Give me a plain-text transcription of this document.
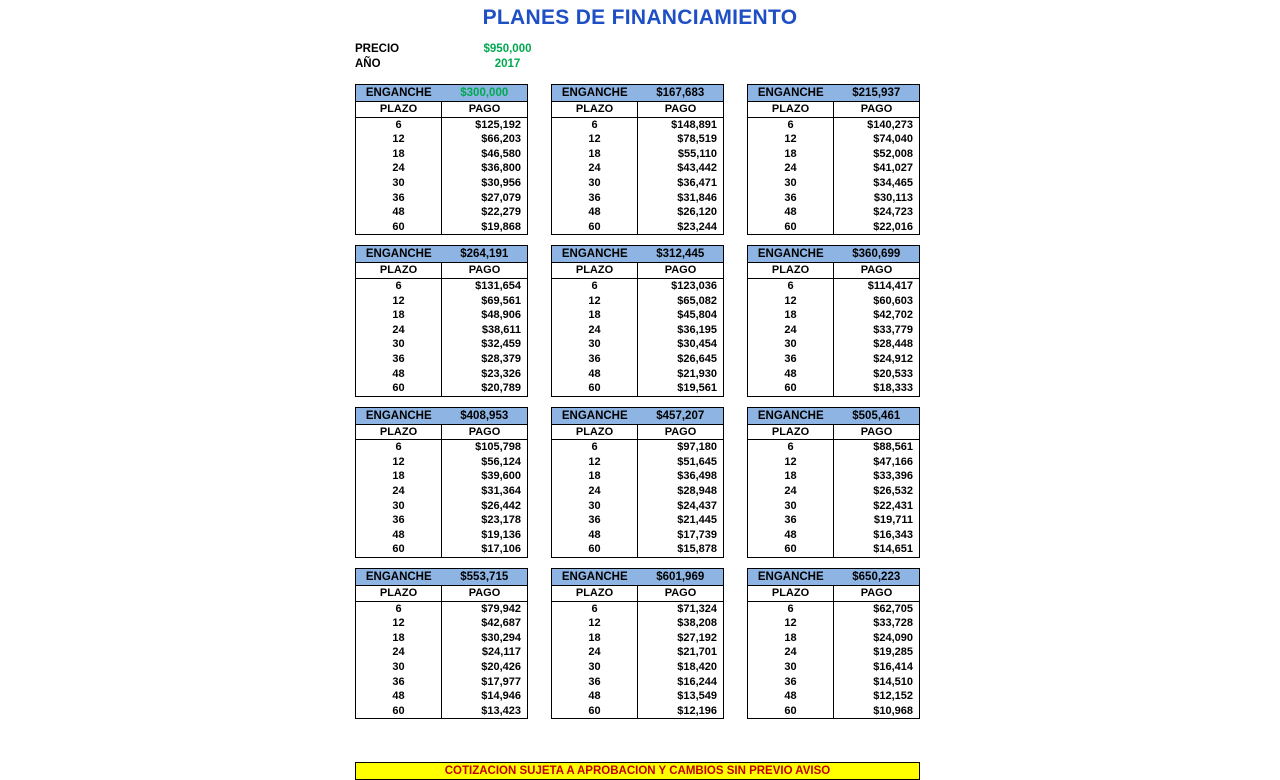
PLANES DE FINANCIAMIENTO
PRECIO	$950,000
AÑO	2017
ENGANCHE	$300,000
PLAZO	PAGO
6	$125,192
12	$66,203
18	$46,580
24	$36,800
30	$30,956
36	$27,079
48	$22,279
60	$19,868
ENGANCHE	$167,683
PLAZO	PAGO
6	$148,891
12	$78,519
18	$55,110
24	$43,442
30	$36,471
36	$31,846
48	$26,120
60	$23,244
ENGANCHE	$215,937
PLAZO	PAGO
6	$140,273
12	$74,040
18	$52,008
24	$41,027
30	$34,465
36	$30,113
48	$24,723
60	$22,016
ENGANCHE	$264,191
PLAZO	PAGO
6	$131,654
12	$69,561
18	$48,906
24	$38,611
30	$32,459
36	$28,379
48	$23,326
60	$20,789
ENGANCHE	$312,445
PLAZO	PAGO
6	$123,036
12	$65,082
18	$45,804
24	$36,195
30	$30,454
36	$26,645
48	$21,930
60	$19,561
ENGANCHE	$360,699
PLAZO	PAGO
6	$114,417
12	$60,603
18	$42,702
24	$33,779
30	$28,448
36	$24,912
48	$20,533
60	$18,333
ENGANCHE	$408,953
PLAZO	PAGO
6	$105,798
12	$56,124
18	$39,600
24	$31,364
30	$26,442
36	$23,178
48	$19,136
60	$17,106
ENGANCHE	$457,207
PLAZO	PAGO
6	$97,180
12	$51,645
18	$36,498
24	$28,948
30	$24,437
36	$21,445
48	$17,739
60	$15,878
ENGANCHE	$505,461
PLAZO	PAGO
6	$88,561
12	$47,166
18	$33,396
24	$26,532
30	$22,431
36	$19,711
48	$16,343
60	$14,651
ENGANCHE	$553,715
PLAZO	PAGO
6	$79,942
12	$42,687
18	$30,294
24	$24,117
30	$20,426
36	$17,977
48	$14,946
60	$13,423
ENGANCHE	$601,969
PLAZO	PAGO
6	$71,324
12	$38,208
18	$27,192
24	$21,701
30	$18,420
36	$16,244
48	$13,549
60	$12,196
ENGANCHE	$650,223
PLAZO	PAGO
6	$62,705
12	$33,728
18	$24,090
24	$19,285
30	$16,414
36	$14,510
48	$12,152
60	$10,968
COTIZACION SUJETA A APROBACION Y CAMBIOS SIN PREVIO AVISO
